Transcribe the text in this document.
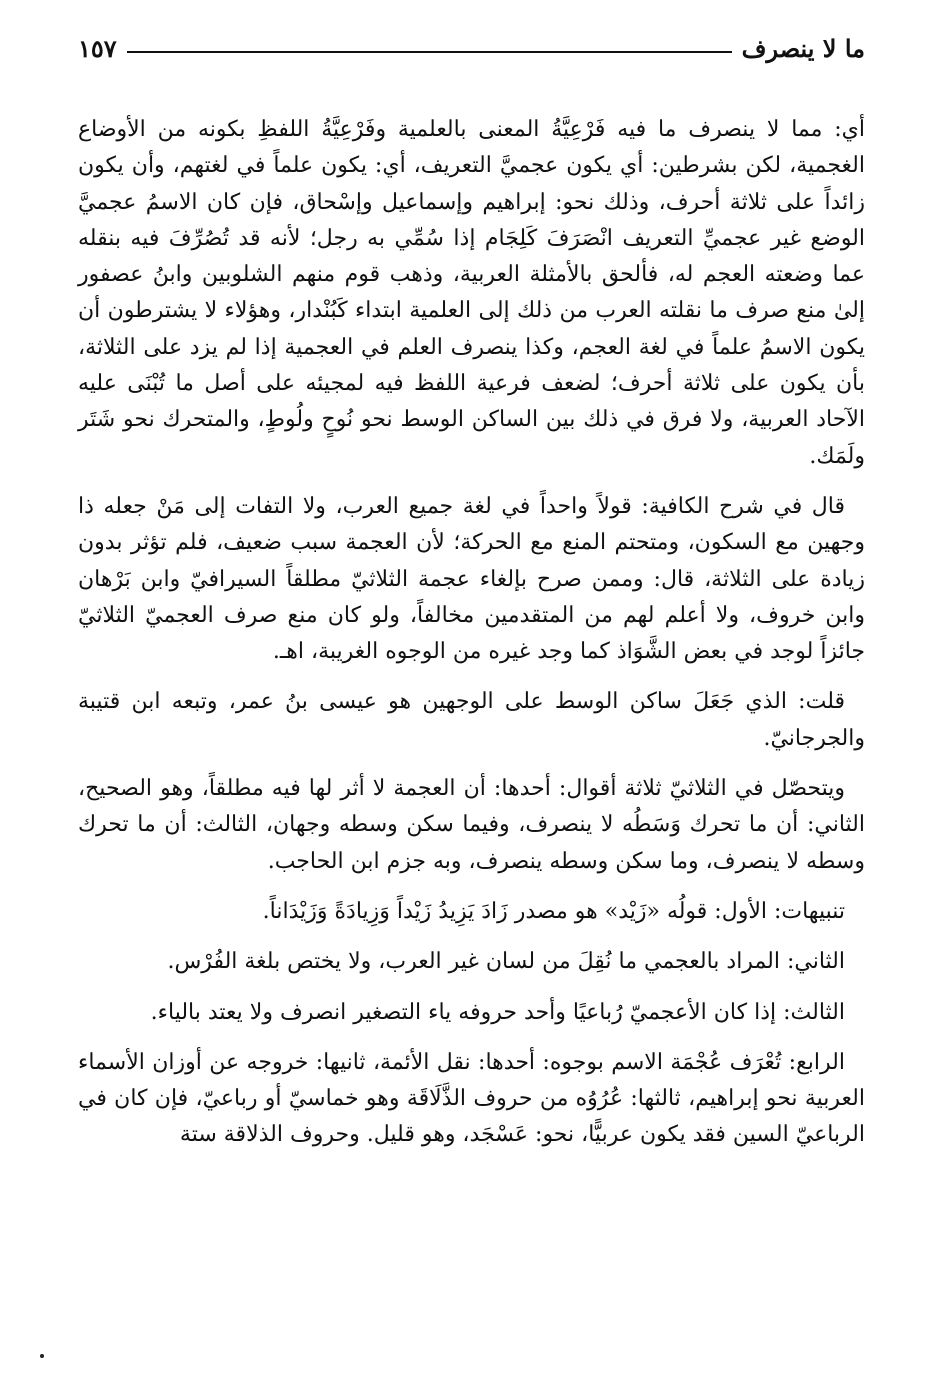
ما لا ينصرف
١٥٧

أي: مما لا ينصرف ما فيه فَرْعِيَّةُ المعنى بالعلمية وفَرْعِيَّةُ اللفظِ بكونه من الأوضاع الغجمية، لكن بشرطين: أي يكون عجميَّ التعريف، أي: يكون علماً في لغتهم، وأن يكون زائداً على ثلاثة أحرف، وذلك نحو: إبراهيم وإسماعيل وإسْحاق، فإن كان الاسمُ عجميَّ الوضع غير عجميِّ التعريف انْصَرَفَ كَلِجَام إذا سُمِّي به رجل؛ لأنه قد تُصُرِّفَ فيه بنقله عما وضعته العجم له، فألحق بالأمثلة العربية، وذهب قوم منهم الشلوبين وابنُ عصفور إلىٰ منع صرف ما نقلته العرب من ذلك إلى العلمية ابتداء كَبُنْدار، وهؤلاء لا يشترطون أن يكون الاسمُ علماً في لغة العجم، وكذا ينصرف العلم في العجمية إذا لم يزد على الثلاثة، بأن يكون على ثلاثة أحرف؛ لضعف فرعية اللفظ فيه لمجيئه على أصل ما تُبْنَى عليه الآحاد العربية، ولا فرق في ذلك بين الساكن الوسط نحو نُوحٍ ولُوطٍ، والمتحرك نحو شَتَر ولَمَك.

قال في شرح الكافية: قولاً واحداً في لغة جميع العرب، ولا التفات إلى مَنْ جعله ذا وجهين مع السكون، ومتحتم المنع مع الحركة؛ لأن العجمة سبب ضعيف، فلم تؤثر بدون زيادة على الثلاثة، قال: وممن صرح بإلغاء عجمة الثلاثيّ مطلقاً السيرافيّ وابن بَرْهان وابن خروف، ولا أعلم لهم من المتقدمين مخالفاً، ولو كان منع صرف العجميّ الثلاثيّ جائزاً لوجد في بعض الشَّوَاذ كما وجد غيره من الوجوه الغريبة، اهـ.

قلت: الذي جَعَلَ ساكن الوسط على الوجهين هو عيسى بنُ عمر، وتبعه ابن قتيبة والجرجانيّ.

ويتحصّل في الثلاثيّ ثلاثة أقوال: أحدها: أن العجمة لا أثر لها فيه مطلقاً، وهو الصحيح، الثاني: أن ما تحرك وَسَطُه لا ينصرف، وفيما سكن وسطه وجهان، الثالث: أن ما تحرك وسطه لا ينصرف، وما سكن وسطه ينصرف، وبه جزم ابن الحاجب.

تنبيهات: الأول: قولُه «زَيْد» هو مصدر زَادَ يَزِيدُ زَيْداً وَزِيادَةً وَزَيْدَاناً.

الثاني: المراد بالعجمي ما نُقِلَ من لسان غير العرب، ولا يختص بلغة الفُرْس.

الثالث: إذا كان الأعجميّ رُباعيًا وأحد حروفه ياء التصغير انصرف ولا يعتد بالياء.

الرابع: تُعْرَف عُجْمَة الاسم بوجوه: أحدها: نقل الأئمة، ثانيها: خروجه عن أوزان الأسماء العربية نحو إبراهيم، ثالثها: عُرُوُه من حروف الذَّلَاقَة وهو خماسيّ أو رباعيّ، فإن كان في الرباعيّ السين فقد يكون عربيًّا، نحو: عَسْجَد، وهو قليل. وحروف الذلاقة ستة
